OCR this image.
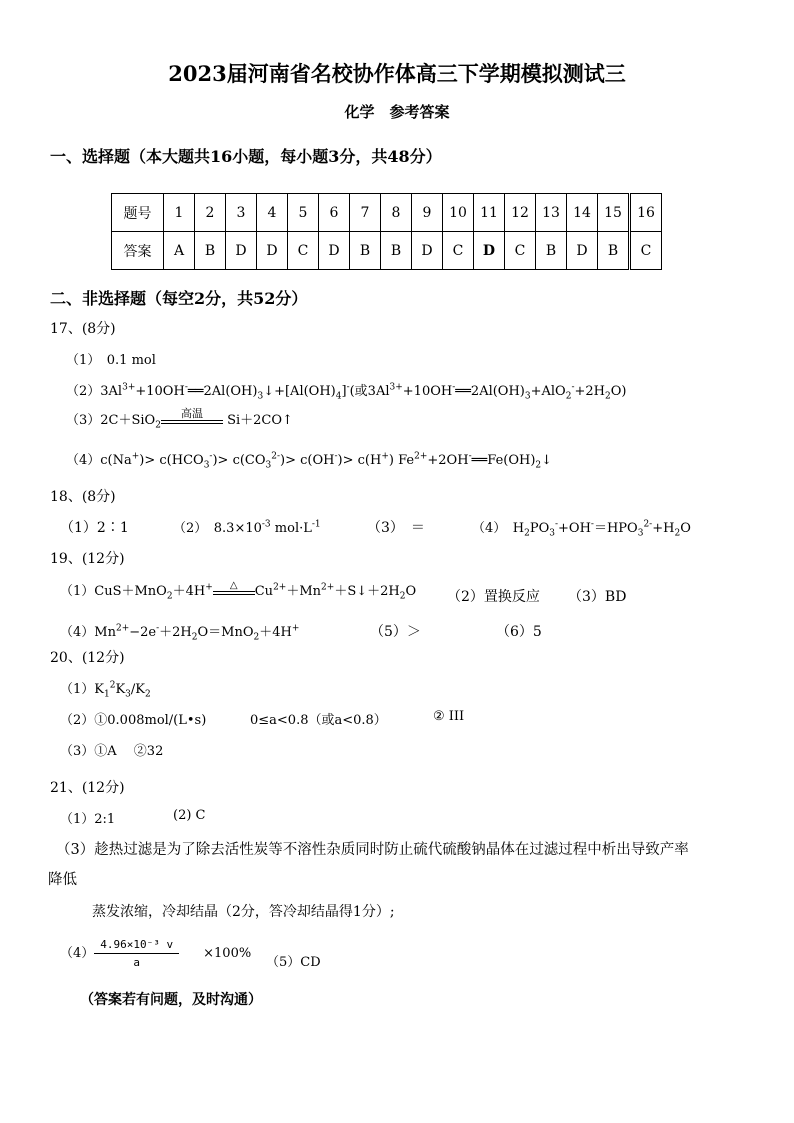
2023届河南省名校协作体高三下学期模拟测试三
化学　参考答案
一、选择题（本大题共16小题，每小题3分，共48分）
题号	1	2	3	4	5	6	7	8	9	10	11	12	13	14	15	16
答案	A	B	D	D	C	D	B	B	D	C	D	C	B	D	B	C
二、非选择题（每空2分，共52分）
17、(8分)
（1）　0.1 mol
$(2)3Al^{3+}+10OH^-══2Al(OH)_3↓+[Al(OH)_4]^-$(或$3Al^{3+}+10OH^-══2Al(OH)_3+AlO_2^-+2H_2O$)
（3）2C＋SiO$_2$
高温	Si＋2CO↑
$(4)c(Na^+)> c(HCO_3^-)> c(CO_3^{2-})> c(OH^-)> c(H^+)$ $Fe^{2+}+2OH^-══Fe(OH)_2↓$
18、(8分)
（1）2∶1	（2）　$8.3\times 10^{-3}$ $mol\cdot L^{-1}$	（3）　＝	（4）　$H_2PO_3^-+OH^-=HPO_3^{2-}+H_2O$
19、(12分)
（1）CuS＋MnO$_2$＋4H+	△	$Cu^{2+}+Mn^{2+}+S↓+2H_2O$ （2）置换反应 （3）BD
$(4)Mn^{2+}-2e^-+2H_2O=MnO_2+4H^+$	（5）＞	（6）5
20、(12分)
$(1)K_1^2K_3/K_2$
（2）①0.008mol/(L•s)	0≤a<0.8（或a<0.8）	② III
（3）①A　 ②32
21、(12分)
（1）2:1	(2) C
（3）趁热过滤是为了除去活性炭等不溶性杂质同时防止硫代硫酸钠晶体在过滤过程中析出导致产率
降低
蒸发浓缩，冷却结晶（2分，答冷却结晶得1分）;
$(4) \frac{\text{4.96×10⁻³ v}}{a} \times 100\%$
（5）CD
（答案若有问题，及时沟通）
